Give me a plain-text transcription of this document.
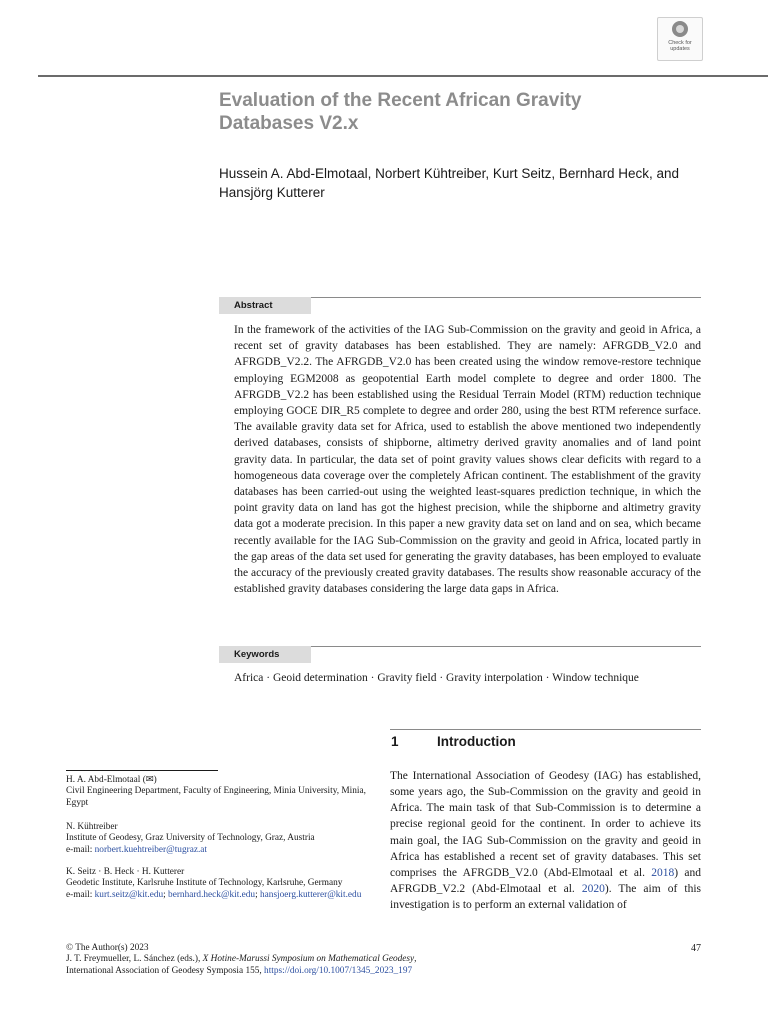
Check for
updates
Evaluation of the Recent African Gravity Databases V2.x
Hussein A. Abd-Elmotaal, Norbert Kühtreiber, Kurt Seitz, Bernhard Heck, and Hansjörg Kutterer
Abstract
In the framework of the activities of the IAG Sub-Commission on the gravity and geoid in Africa, a recent set of gravity databases has been established. They are namely: AFRGDB_V2.0 and AFRGDB_V2.2. The AFRGDB_V2.0 has been created using the window remove-restore technique employing EGM2008 as geopotential Earth model complete to degree and order 1800. The AFRGDB_V2.2 has been established using the Residual Terrain Model (RTM) reduction technique employing GOCE DIR_R5 complete to degree and order 280, using the best RTM reference surface. The available gravity data set for Africa, used to establish the above mentioned two independently derived databases, consists of shipborne, altimetry derived gravity anomalies and of land point gravity data. In particular, the data set of point gravity values shows clear deficits with regard to a homogeneous data coverage over the completely African continent. The establishment of the gravity databases has been carried-out using the weighted least-squares prediction technique, in which the point gravity data on land has got the highest precision, while the shipborne and altimetry gravity data got a moderate precision. In this paper a new gravity data set on land and on sea, which became recently available for the IAG Sub-Commission on the gravity and geoid in Africa, located partly in the gap areas of the data set used for generating the gravity databases, has been employed to evaluate the accuracy of the previously created gravity databases. The results show reasonable accuracy of the established gravity databases considering the large data gaps in Africa.
Keywords
Africa · Geoid determination · Gravity field · Gravity interpolation · Window technique
1	Introduction
The International Association of Geodesy (IAG) has established, some years ago, the Sub-Commission on the gravity and geoid in Africa. The main task of that Sub-Commission is to determine a precise regional geoid for the continent. In order to achieve its main goal, the IAG Sub-Commission on the gravity and geoid in Africa has established a recent set of gravity databases. This set comprises the AFRGDB_V2.0 (Abd-Elmotaal et al. 2018) and AFRGDB_V2.2 (Abd-Elmotaal et al. 2020). The aim of this investigation is to perform an external validation of
H. A. Abd-Elmotaal (✉)
Civil Engineering Department, Faculty of Engineering, Minia University, Minia, Egypt
N. Kühtreiber
Institute of Geodesy, Graz University of Technology, Graz, Austria
e-mail: norbert.kuehtreiber@tugraz.at
K. Seitz · B. Heck · H. Kutterer
Geodetic Institute, Karlsruhe Institute of Technology, Karlsruhe, Germany
e-mail: kurt.seitz@kit.edu; bernhard.heck@kit.edu; hansjoerg.kutterer@kit.edu
© The Author(s) 2023
J. T. Freymueller, L. Sánchez (eds.), X Hotine-Marussi Symposium on Mathematical Geodesy,
International Association of Geodesy Symposia 155, https://doi.org/10.1007/1345_2023_197
47
